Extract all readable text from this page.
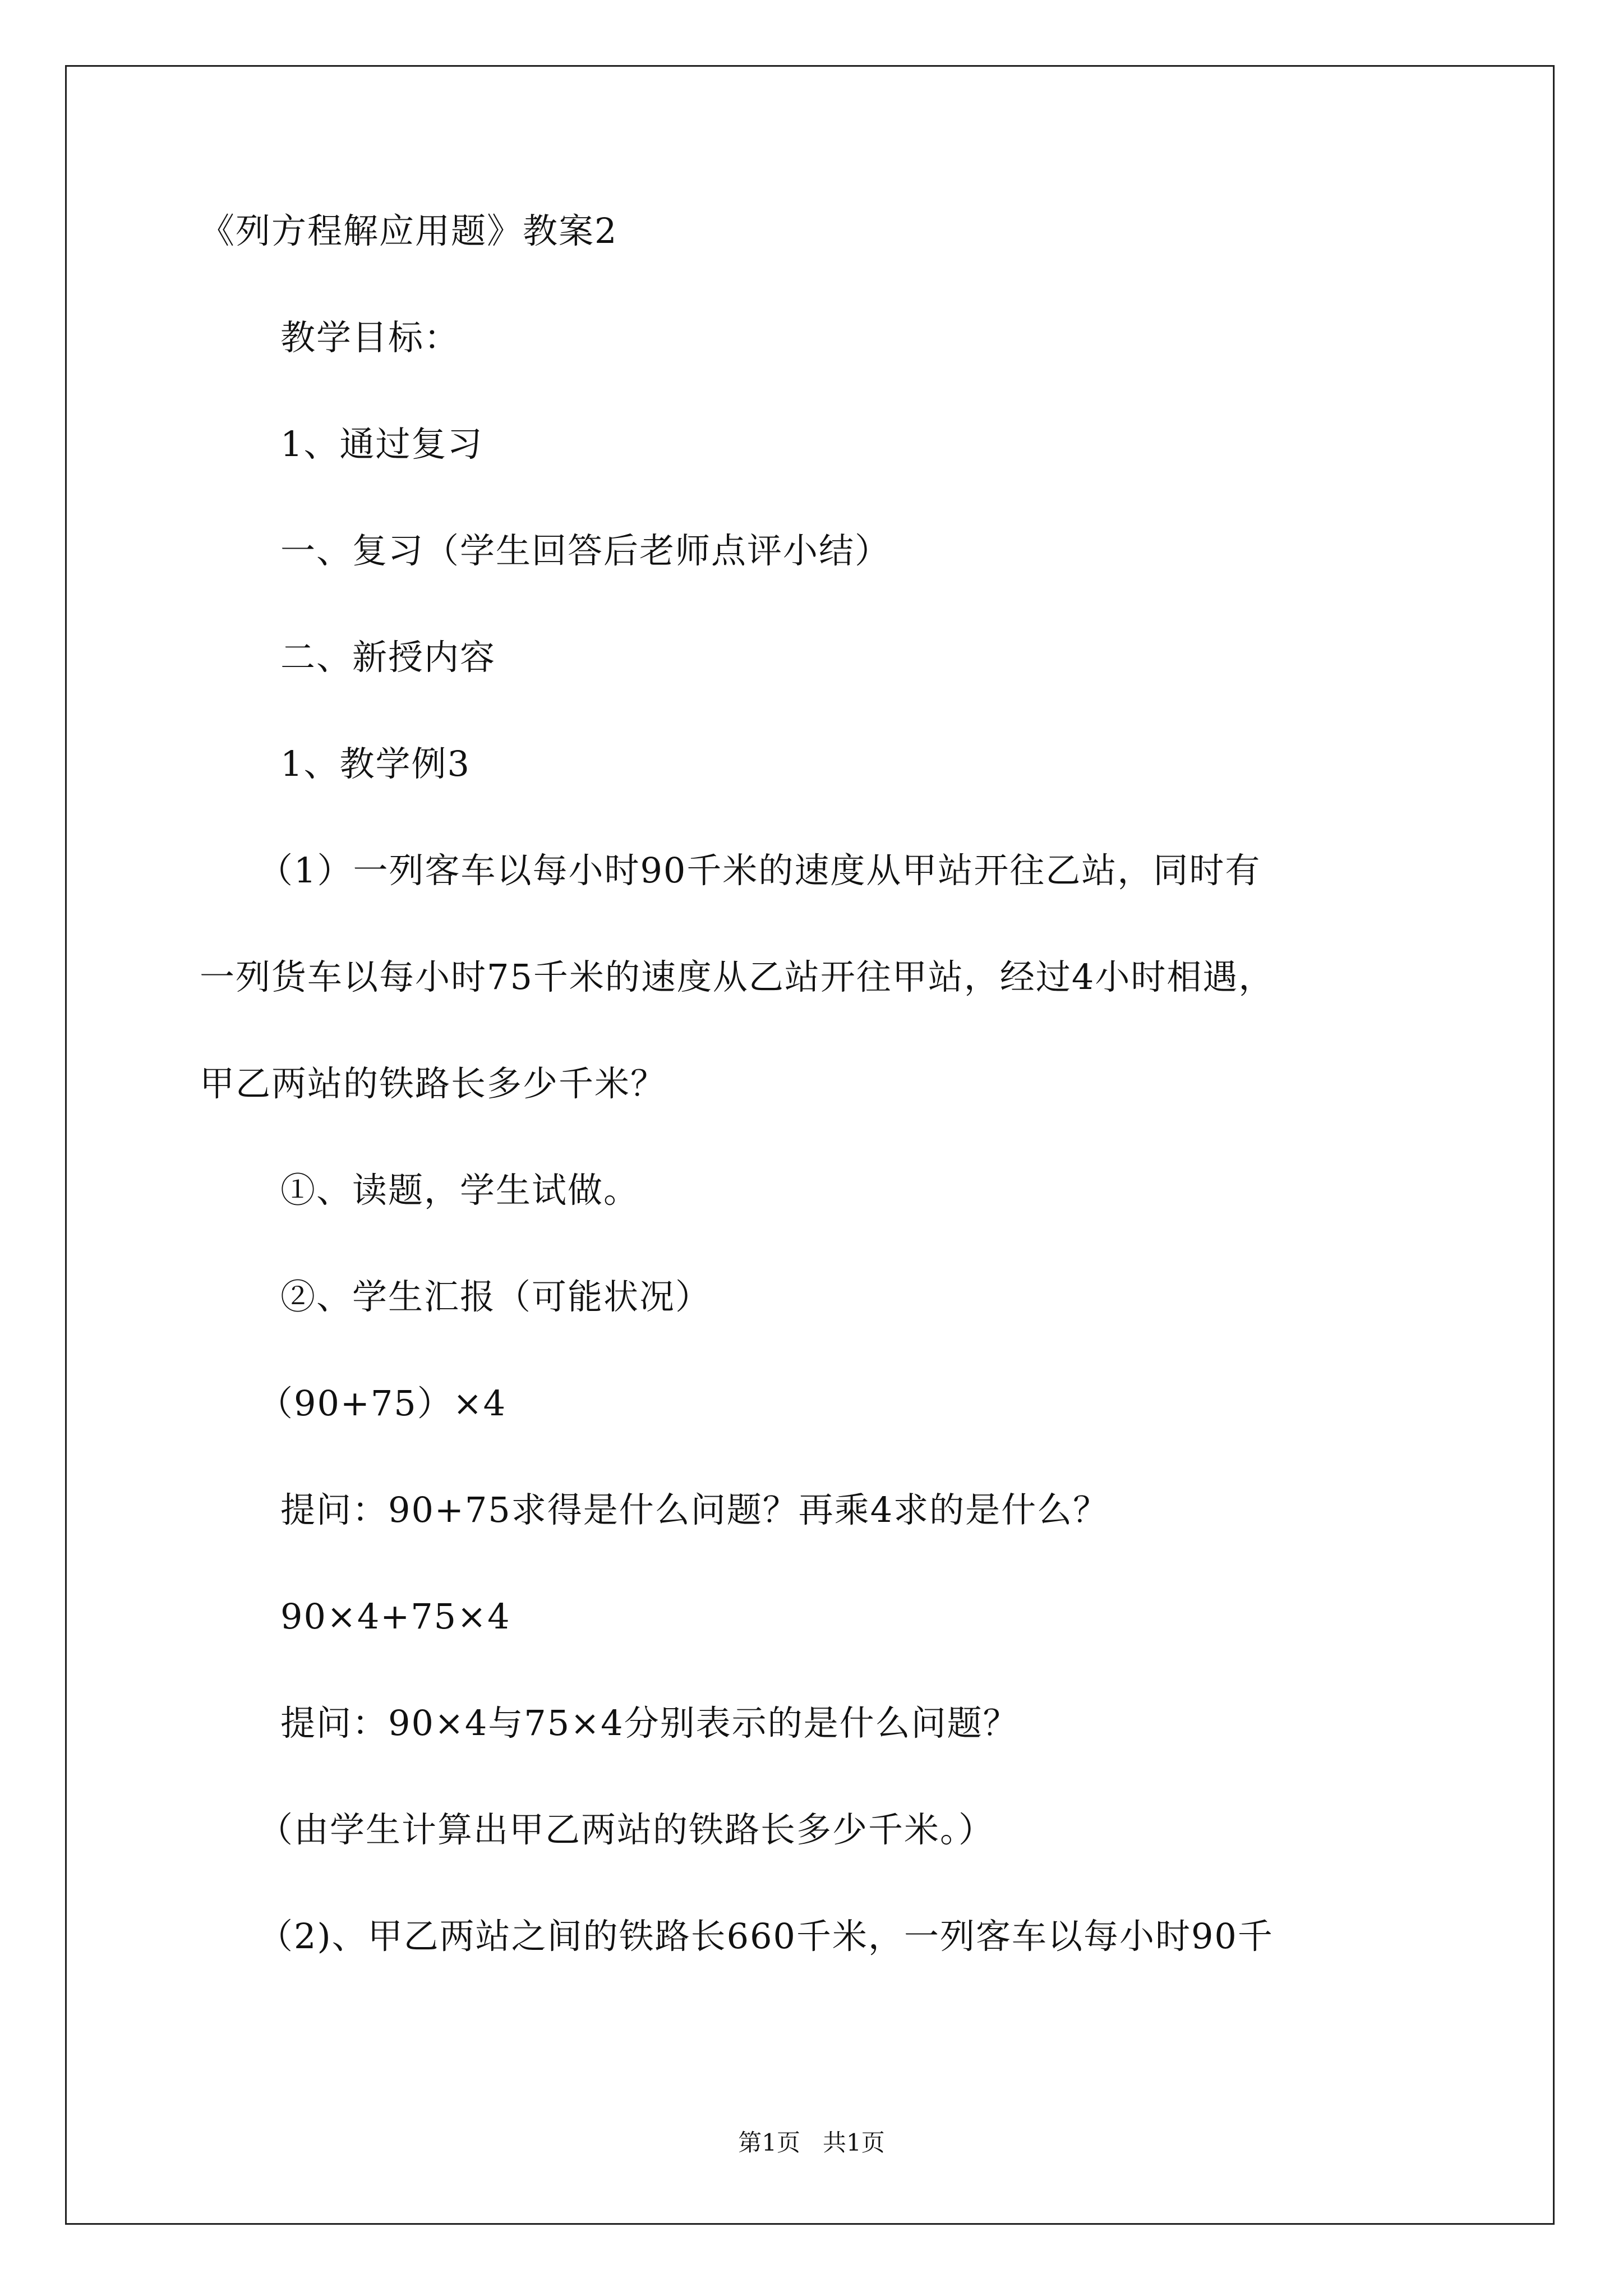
《列方程解应用题》教案2
教学目标：
1、通过复习
一、复习（学生回答后老师点评小结）
二、新授内容
1、教学例3
（1）一列客车以每小时90千米的速度从甲站开往乙站，同时有
一列货车以每小时75千米的速度从乙站开往甲站，经过4小时相遇，
甲乙两站的铁路长多少千米？
①、读题，学生试做。
②、学生汇报（可能状况）
（90+75）×4
提问：90+75求得是什么问题？再乘4求的是什么？
90×4+75×4
提问：90×4与75×4分别表示的是什么问题？
（由学生计算出甲乙两站的铁路长多少千米。）
（2)、甲乙两站之间的铁路长660千米，一列客车以每小时90千
第1页   共1页
